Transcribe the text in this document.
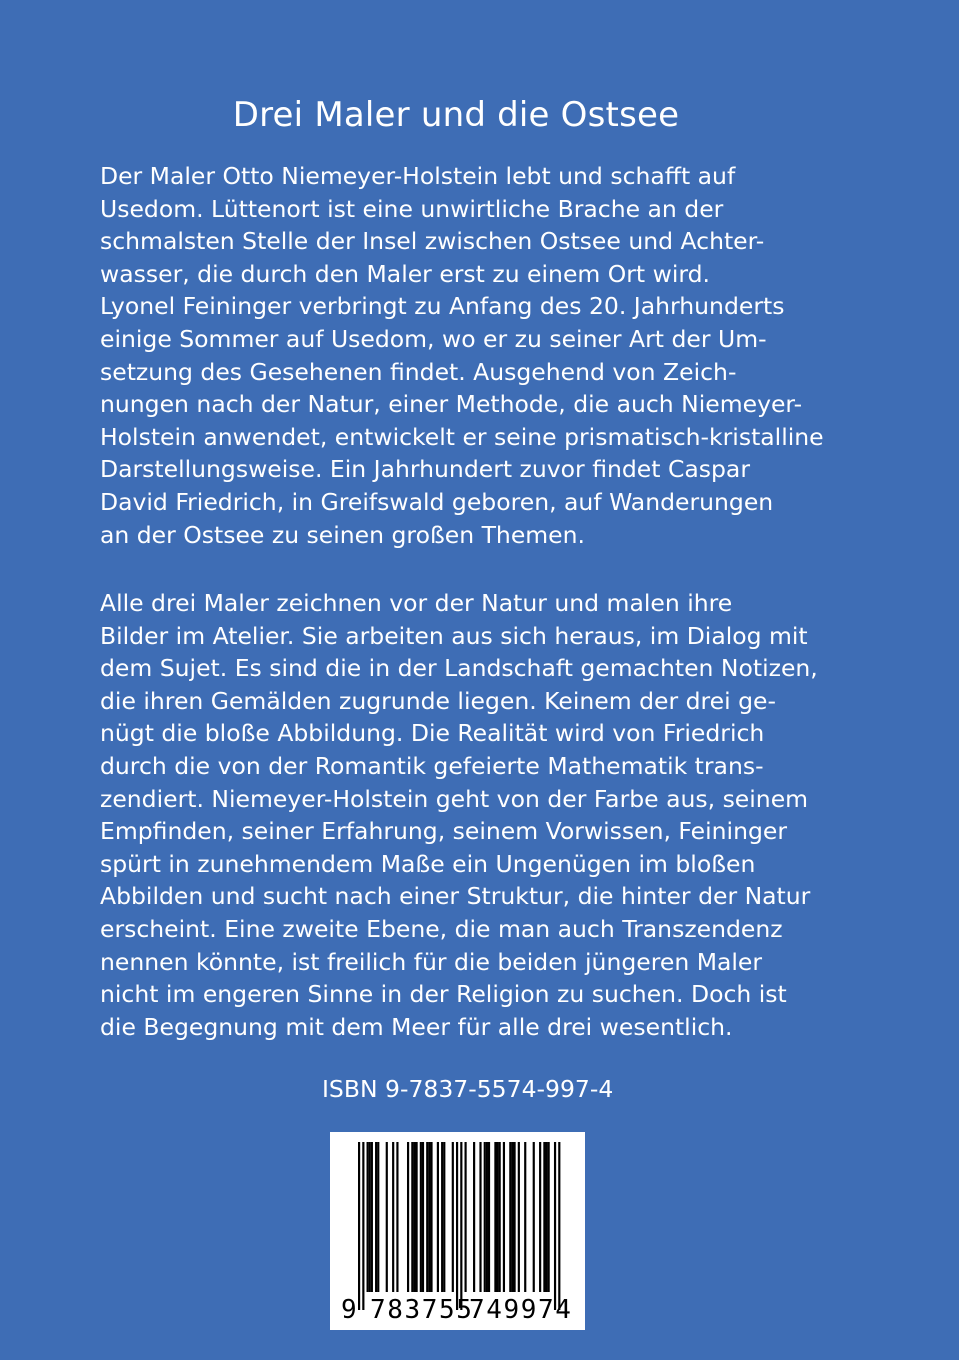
Drei Maler und die Ostsee
Der Maler Otto Niemeyer-Holstein lebt und schafft auf
Usedom. Lüttenort ist eine unwirtliche Brache an der
schmalsten Stelle der Insel zwischen Ostsee und Achter-
wasser, die durch den Maler erst zu einem Ort wird.
Lyonel Feininger verbringt zu Anfang des 20. Jahrhunderts
einige Sommer auf Usedom, wo er zu seiner Art der Um-
setzung des Gesehenen findet. Ausgehend von Zeich-
nungen nach der Natur, einer Methode, die auch Niemeyer-
Holstein anwendet, entwickelt er seine prismatisch-kristalline
Darstellungsweise. Ein Jahrhundert zuvor findet Caspar
David Friedrich, in Greifswald geboren, auf Wanderungen
an der Ostsee zu seinen großen Themen.
Alle drei Maler zeichnen vor der Natur und malen ihre
Bilder im Atelier. Sie arbeiten aus sich heraus, im Dialog mit
dem Sujet. Es sind die in der Landschaft gemachten Notizen,
die ihren Gemälden zugrunde liegen. Keinem der drei ge-
nügt die bloße Abbildung. Die Realität wird von Friedrich
durch die von der Romantik gefeierte Mathematik trans-
zendiert. Niemeyer-Holstein geht von der Farbe aus, seinem
Empfinden, seiner Erfahrung, seinem Vorwissen, Feininger
spürt in zunehmendem Maße ein Ungenügen im bloßen
Abbilden und sucht nach einer Struktur, die hinter der Natur
erscheint. Eine zweite Ebene, die man auch Transzendenz
nennen könnte, ist freilich für die beiden jüngeren Maler
nicht im engeren Sinne in der Religion zu suchen. Doch ist
die Begegnung mit dem Meer für alle drei wesentlich.
ISBN 9-7837-5574-997-4
9 783755
749974
